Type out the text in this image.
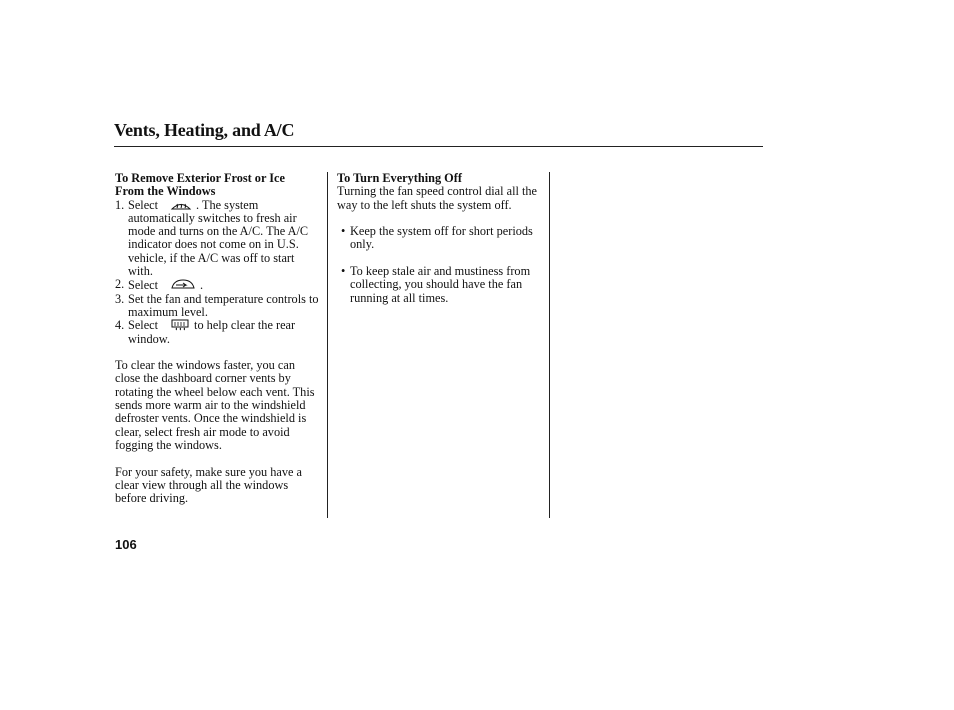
Vents, Heating, and A/C
To Remove Exterior Frost or Ice
From the Windows
1. Select	. The system automatically switches to fresh air mode and turns on the A/C. The A/C indicator does not come on in U.S. vehicle, if the A/C was off to start with.
2. Select	.
3. Set the fan and temperature controls to maximum level.
4. Select	to help clear the rear window.
To clear the windows faster, you can close the dashboard corner vents by rotating the wheel below each vent. This sends more warm air to the windshield defroster vents. Once the windshield is clear, select fresh air mode to avoid fogging the windows.
For your safety, make sure you have a clear view through all the windows before driving.
To Turn Everything Off
Turning the fan speed control dial all the way to the left shuts the system off.
• Keep the system off for short periods only.
• To keep stale air and mustiness from collecting, you should have the fan running at all times.
106
